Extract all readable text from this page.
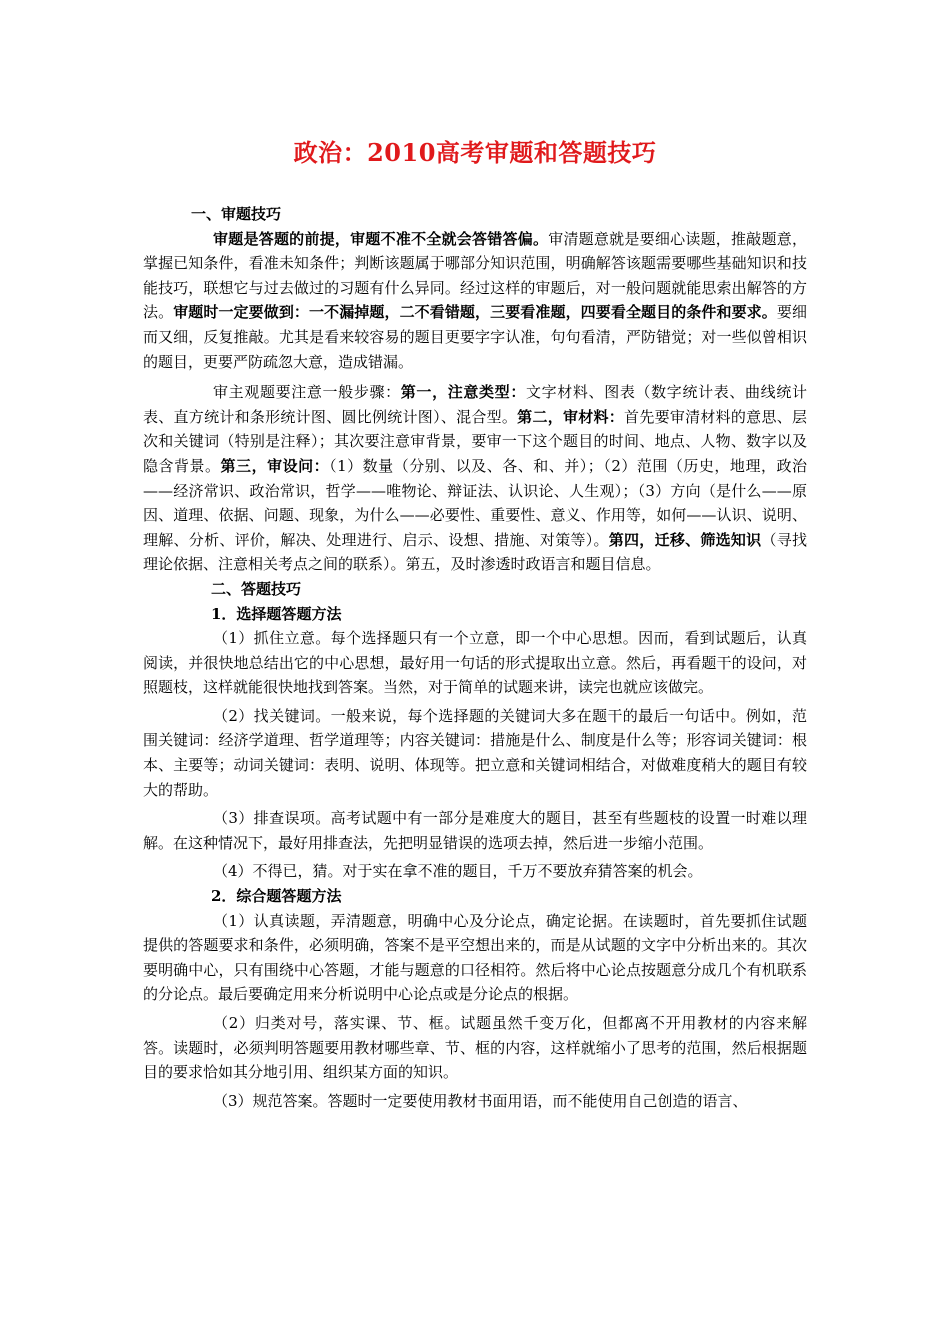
政治：2010高考审题和答题技巧

一、审题技巧

审题是答题的前提，审题不准不全就会答错答偏。审清题意就是要细心读题，推敲题意，掌握已知条件，看准未知条件；判断该题属于哪部分知识范围，明确解答该题需要哪些基础知识和技能技巧，联想它与过去做过的习题有什么异同。经过这样的审题后，对一般问题就能思索出解答的方法。审题时一定要做到：一不漏掉题，二不看错题，三要看准题，四要看全题目的条件和要求。要细而又细，反复推敲。尤其是看来较容易的题目更要字字认准，句句看清，严防错觉；对一些似曾相识的题目，更要严防疏忽大意，造成错漏。

审主观题要注意一般步骤：第一，注意类型：文字材料、图表（数字统计表、曲线统计表、直方统计和条形统计图、圆比例统计图）、混合型。第二，审材料：首先要审清材料的意思、层次和关键词（特别是注释）；其次要注意审背景，要审一下这个题目的时间、地点、人物、数字以及隐含背景。第三，审设问：（1）数量（分别、以及、各、和、并）；（2）范围（历史，地理，政治——经济常识、政治常识，哲学——唯物论、辩证法、认识论、人生观）；（3）方向（是什么——原因、道理、依据、问题、现象，为什么——必要性、重要性、意义、作用等，如何——认识、说明、理解、分析、评价，解决、处理进行、启示、设想、措施、对策等）。第四，迁移、筛选知识（寻找理论依据、注意相关考点之间的联系）。第五，及时渗透时政语言和题目信息。

二、答题技巧

1．选择题答题方法

（1）抓住立意。每个选择题只有一个立意，即一个中心思想。因而，看到试题后，认真阅读，并很快地总结出它的中心思想，最好用一句话的形式提取出立意。然后，再看题干的设问，对照题枝，这样就能很快地找到答案。当然，对于简单的试题来讲，读完也就应该做完。

（2）找关键词。一般来说，每个选择题的关键词大多在题干的最后一句话中。例如，范围关键词：经济学道理、哲学道理等；内容关键词：措施是什么、制度是什么等；形容词关键词：根本、主要等；动词关键词：表明、说明、体现等。把立意和关键词相结合，对做难度稍大的题目有较大的帮助。

（3）排查误项。高考试题中有一部分是难度大的题目，甚至有些题枝的设置一时难以理解。在这种情况下，最好用排查法，先把明显错误的选项去掉，然后进一步缩小范围。

（4）不得已，猜。对于实在拿不准的题目，千万不要放弃猜答案的机会。

2．综合题答题方法

（1）认真读题，弄清题意，明确中心及分论点，确定论据。在读题时，首先要抓住试题提供的答题要求和条件，必须明确，答案不是平空想出来的，而是从试题的文字中分析出来的。其次要明确中心，只有围绕中心答题，才能与题意的口径相符。然后将中心论点按题意分成几个有机联系的分论点。最后要确定用来分析说明中心论点或是分论点的根据。

（2）归类对号，落实课、节、框。试题虽然千变万化，但都离不开用教材的内容来解答。读题时，必须判明答题要用教材哪些章、节、框的内容，这样就缩小了思考的范围，然后根据题目的要求恰如其分地引用、组织某方面的知识。

（3）规范答案。答题时一定要使用教材书面用语，而不能使用自己创造的语言、
